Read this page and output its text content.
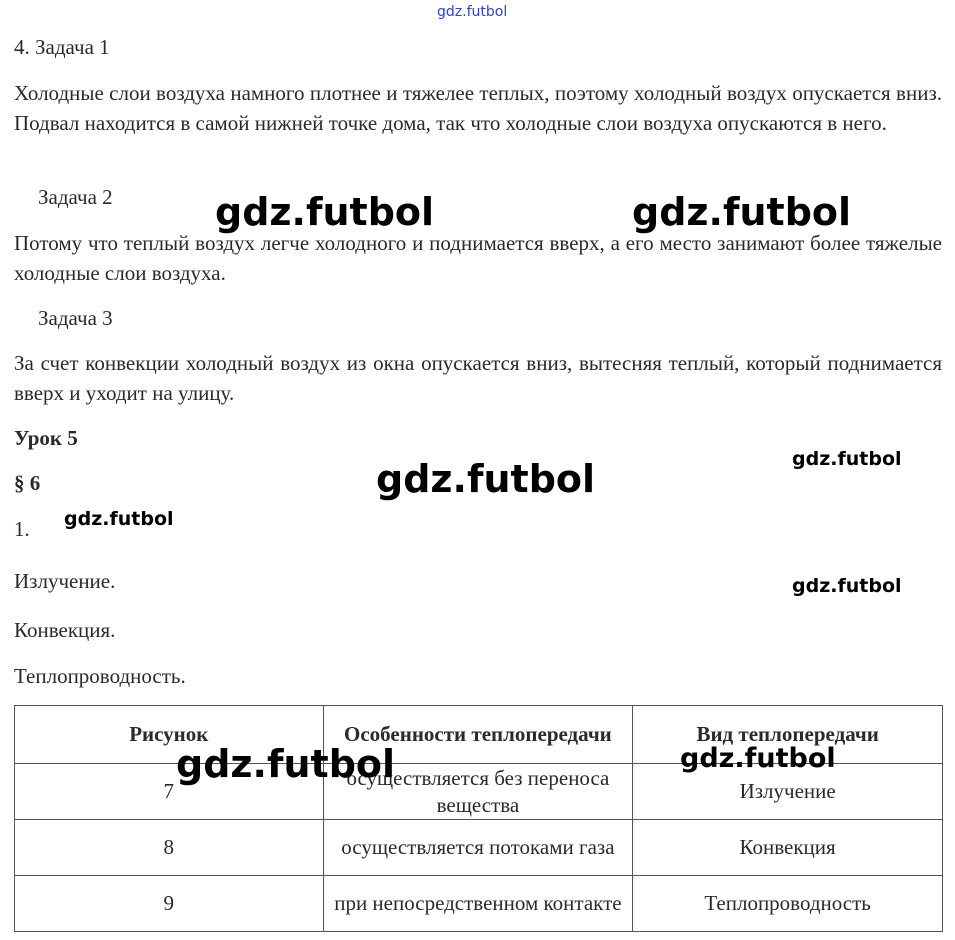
gdz.futbol
4. Задача 1
Холодные слои воздуха намного плотнее и тяжелее теплых, поэтому холодный воздух опускается вниз. Подвал находится в самой нижней точке дома, так что холодные слои воздуха опускаются в него.
Задача 2
Потому что теплый воздух легче холодного и поднимается вверх, а его место занимают более тяжелые холодные слои воздуха.
Задача 3
За счет конвекции холодный воздух из окна опускается вниз, вытесняя теплый, который поднимается вверх и уходит на улицу.
Урок 5
§ 6
1.
Излучение.
Конвекция.
Теплопроводность.
Рисунок	Особенности теплопередачи	Вид теплопередачи
7	осуществляется без переноса вещества	Излучение
8	осуществляется потоками газа	Конвекция
9	при непосредственном контакте	Теплопроводность
gdz.futbol	gdz.futbol
gdz.futbol	gdz.futbol
gdz.futbol
gdz.futbol
gdz.futbol	gdz.futbol
